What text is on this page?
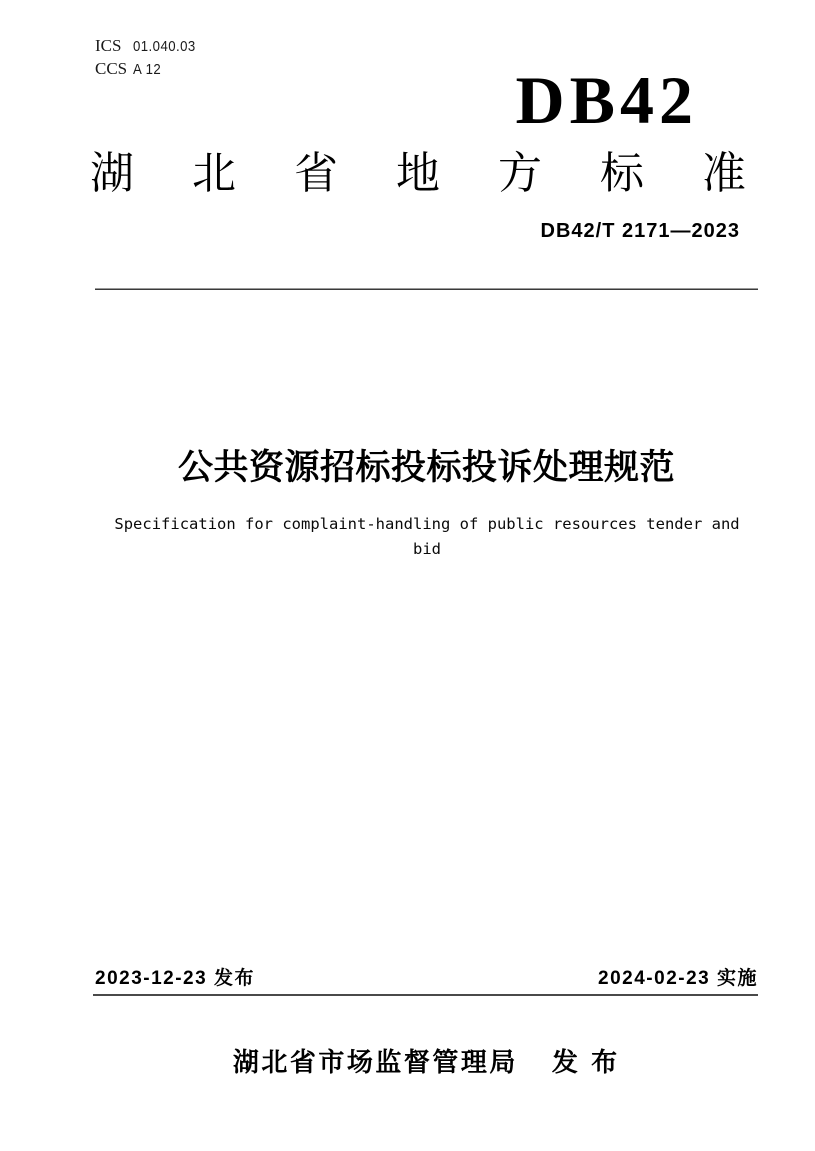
ICS 01.040.03
CCS A 12	DB42
湖 北 省 地 方 标 准
DB42/T 2171—2023
公共资源招标投标投诉处理规范
Specification for complaint-handling of public resources tender and bid
2023-12-23 发布	2024-02-23 实施
湖北省市场监督管理局 发 布
